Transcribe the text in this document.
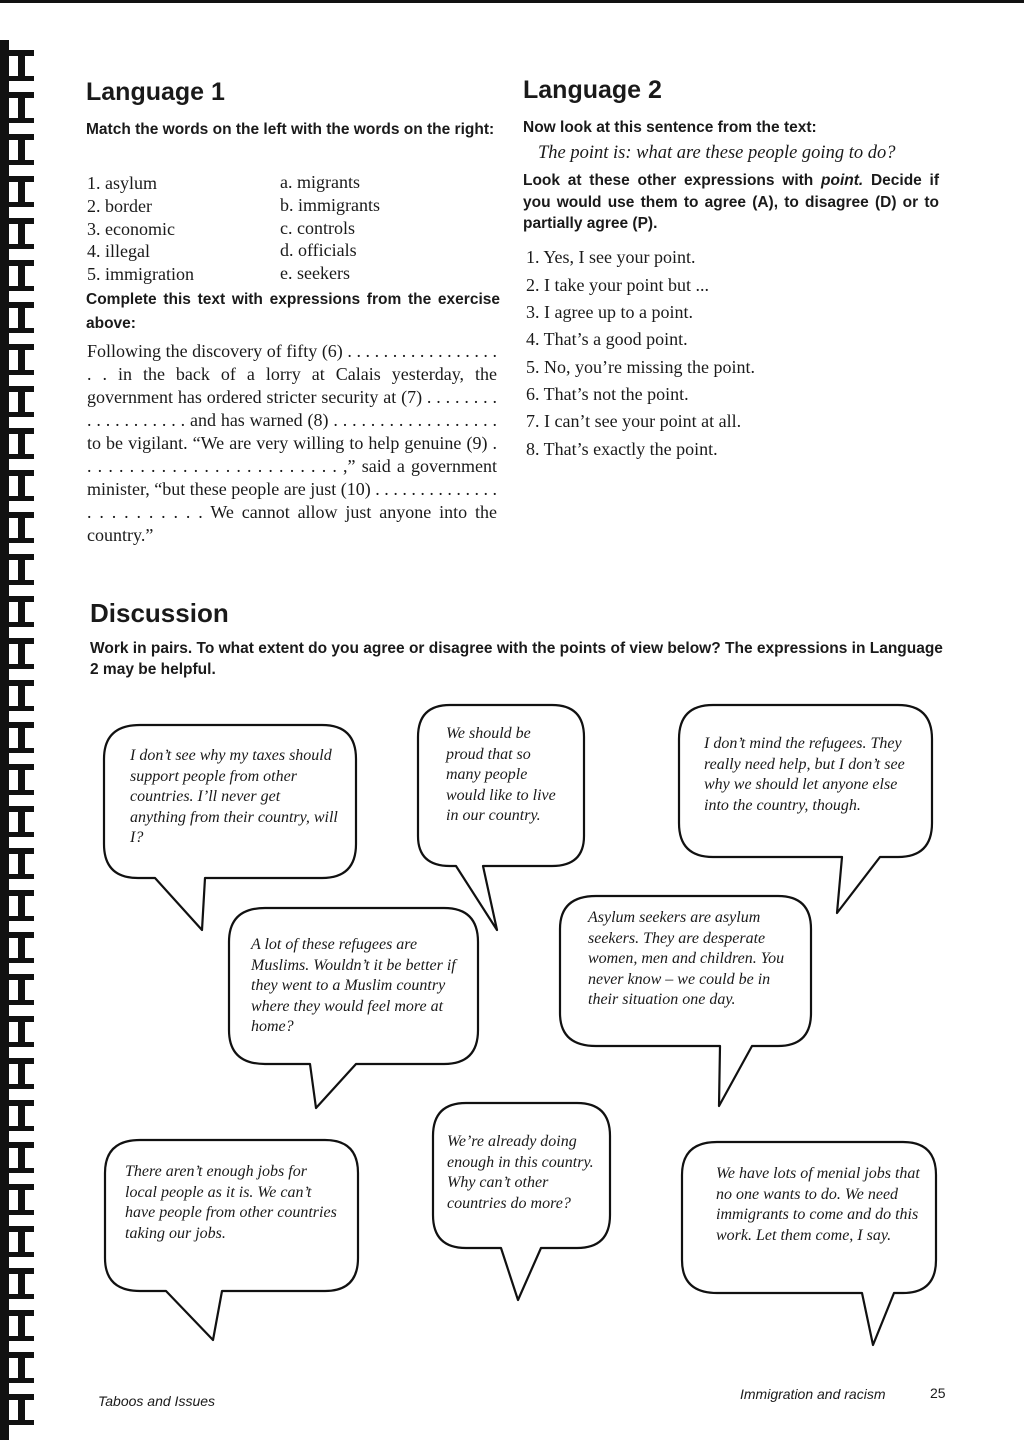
Language 1

Match the words on the left with the words on the right:

1. asylum
2. border
3. economic
4. illegal
5. immigration
a. migrants
b. immigrants
c. controls
d. officials
e. seekers

Complete this text with expressions from the exercise above:

Following the discovery of fifty (6) . . . . . . . . . . . . . . . . . . . in the back of a lorry at Calais yesterday, the government has ordered stricter security at (7) . . . . . . . . . . . . . . . . . . . and has warned (8) . . . . . . . . . . . . . . . . . . to be vigilant. “We are very willing to help genuine (9) . . . . . . . . . . . . . . . . . . . . . . . . . ,” said a government minister, “but these people are just (10) . . . . . . . . . . . . . . . . . . . . . . . . We cannot allow just anyone into the country.”

Language 2

Now look at this sentence from the text:

The point is: what are these people going to do?

Look at these other expressions with point. Decide if you would use them to agree (A), to disagree (D) or to partially agree (P).

1. Yes, I see your point.
2. I take your point but ...
3. I agree up to a point.
4. That’s a good point.
5. No, you’re missing the point.
6. That’s not the point.
7. I can’t see your point at all.
8. That’s exactly the point.
Discussion

Work in pairs. To what extent do you agree or disagree with the points of view below? The expressions in Language 2 may be helpful.

I don’t see why my taxes should support people from other countries. I’ll never get anything from their country, will I?
We should be proud that so many people would like to live in our country.
I don’t mind the refugees. They really need help, but I don’t see why we should let anyone else into the country, though.
A lot of these refugees are Muslims. Wouldn’t it be better if they went to a Muslim country where they would feel more at home?
Asylum seekers are asylum seekers. They are desperate women, men and children. You never know – we could be in their situation one day.
There aren’t enough jobs for local people as it is. We can’t have people from other countries taking our jobs.
We’re already doing enough in this country. Why can’t other countries do more?
We have lots of menial jobs that no one wants to do. We need immigrants to come and do this work. Let them come, I say.
Taboos and Issues	Immigration and racism	25
